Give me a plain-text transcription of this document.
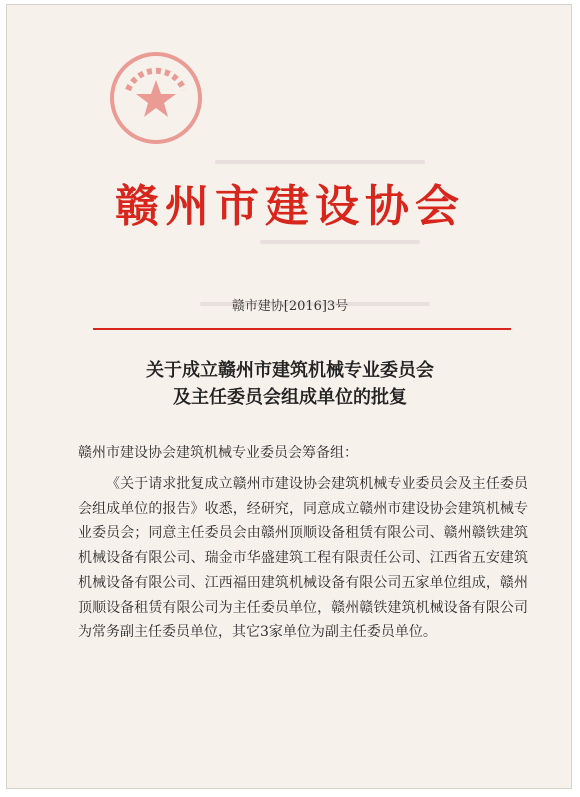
赣州市建设协会
赣市建协[2016]3号
关于成立赣州市建筑机械专业委员会
及主任委员会组成单位的批复
赣州市建设协会建筑机械专业委员会筹备组：
《关于请求批复成立赣州市建设协会建筑机械专业委员会及主任委员会组成单位的报告》收悉，经研究，同意成立赣州市建设协会建筑机械专业委员会；同意主任委员会由赣州顶顺设备租赁有限公司、赣州赣铁建筑机械设备有限公司、瑞金市华盛建筑工程有限责任公司、江西省五安建筑机械设备有限公司、江西福田建筑机械设备有限公司五家单位组成，赣州顶顺设备租赁有限公司为主任委员单位，赣州赣铁建筑机械设备有限公司为常务副主任委员单位，其它3家单位为副主任委员单位。
